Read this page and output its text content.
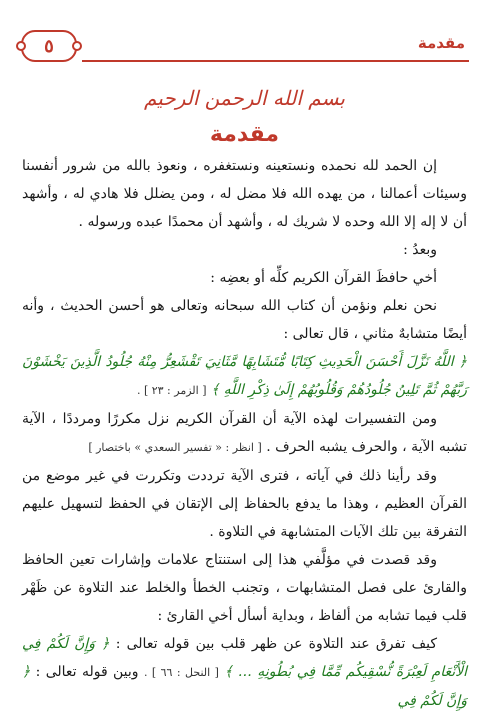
٥	مقدمة
بسم الله الرحمن الرحيم
مقدمة

إن الحمد لله نحمده ونستعينه ونستغفره ، ونعوذ بالله من شرور أنفسنا وسيئات أعمالنا ، من يهده الله فلا مضل له ، ومن يضلل فلا هادي له ، وأشهد أن لا إله إلا الله وحده لا شريك له ، وأشهد أن محمدًا عبده ورسوله .

وبعدُ :

أخي حافظَ القرآن الكريم كلِّه أو بعضِه :

نحن نعلم ونؤمن أن كتاب الله سبحانه وتعالى هو أحسن الحديث ، وأنه أيضًا متشابهٌ مثاني ، قال تعالى :

﴿ اللَّهُ نَزَّلَ أَحْسَنَ الْحَدِيثِ كِتَابًا مُّتَشَابِهًا مَّثَانِيَ تَقْشَعِرُّ مِنْهُ جُلُودُ الَّذِينَ يَخْشَوْنَ رَبَّهُمْ ثُمَّ تَلِينُ جُلُودُهُمْ وَقُلُوبُهُمْ إِلَىٰ ذِكْرِ اللَّهِ ﴾ [ الزمر : ٢٣ ] .

ومن التفسيرات لهذه الآية أن القرآن الكريم نزل مكررًا ومرددًا ، الآية تشبه الآية ، والحرف يشبه الحرف . [ انظر : « تفسير السعدي » باختصار ]

وقد رأينا ذلك في آياته ، فترى الآية ترددت وتكررت في غير موضع من القرآن العظيم ، وهذا ما يدفع بالحفاظ إلى الإتقان في الحفظ لتسهيل عليهم التفرقة بين تلك الآيات المتشابهة في التلاوة .

وقد قصدت في مؤلَّفي هذا إلى استنتاج علامات وإشارات تعين الحافظ والقارئ على فصل المتشابهات ، وتجنب الخطأ والخلط عند التلاوة عن ظَهْر قلب فيما تشابه من ألفاظ ، وبداية أسأل أخي القارئ :

كيف تفرق عند التلاوة عن ظهر قلب بين قوله تعالى : ﴿ وَإِنَّ لَكُمْ فِي الْأَنْعَامِ لَعِبْرَةً نُّسْقِيكُم مِّمَّا فِي بُطُونِهِ … ﴾ [ النحل : ٦٦ ] . وبين قوله تعالى : ﴿ وَإِنَّ لَكُمْ فِي
